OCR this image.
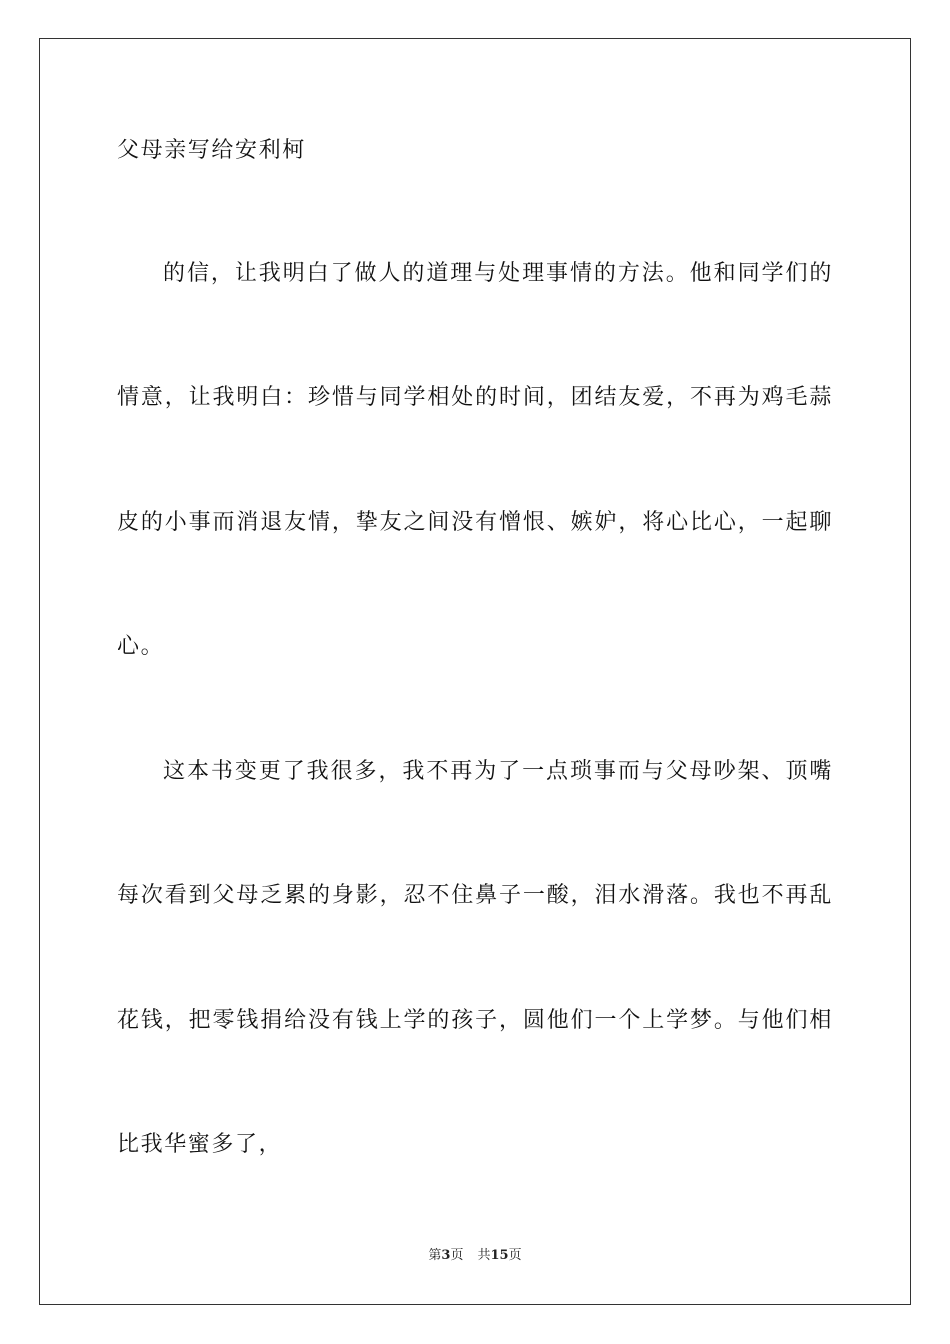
父母亲写给安利柯
的信，让我明白了做人的道理与处理事情的方法。他和同学们的
情意，让我明白：珍惜与同学相处的时间，团结友爱，不再为鸡毛蒜
皮的小事而消退友情，挚友之间没有憎恨、嫉妒，将心比心，一起聊
心。
这本书变更了我很多，我不再为了一点琐事而与父母吵架、顶嘴
每次看到父母乏累的身影，忍不住鼻子一酸，泪水滑落。我也不再乱
花钱，把零钱捐给没有钱上学的孩子，圆他们一个上学梦。与他们相
比我华蜜多了，
第3页 共15页
